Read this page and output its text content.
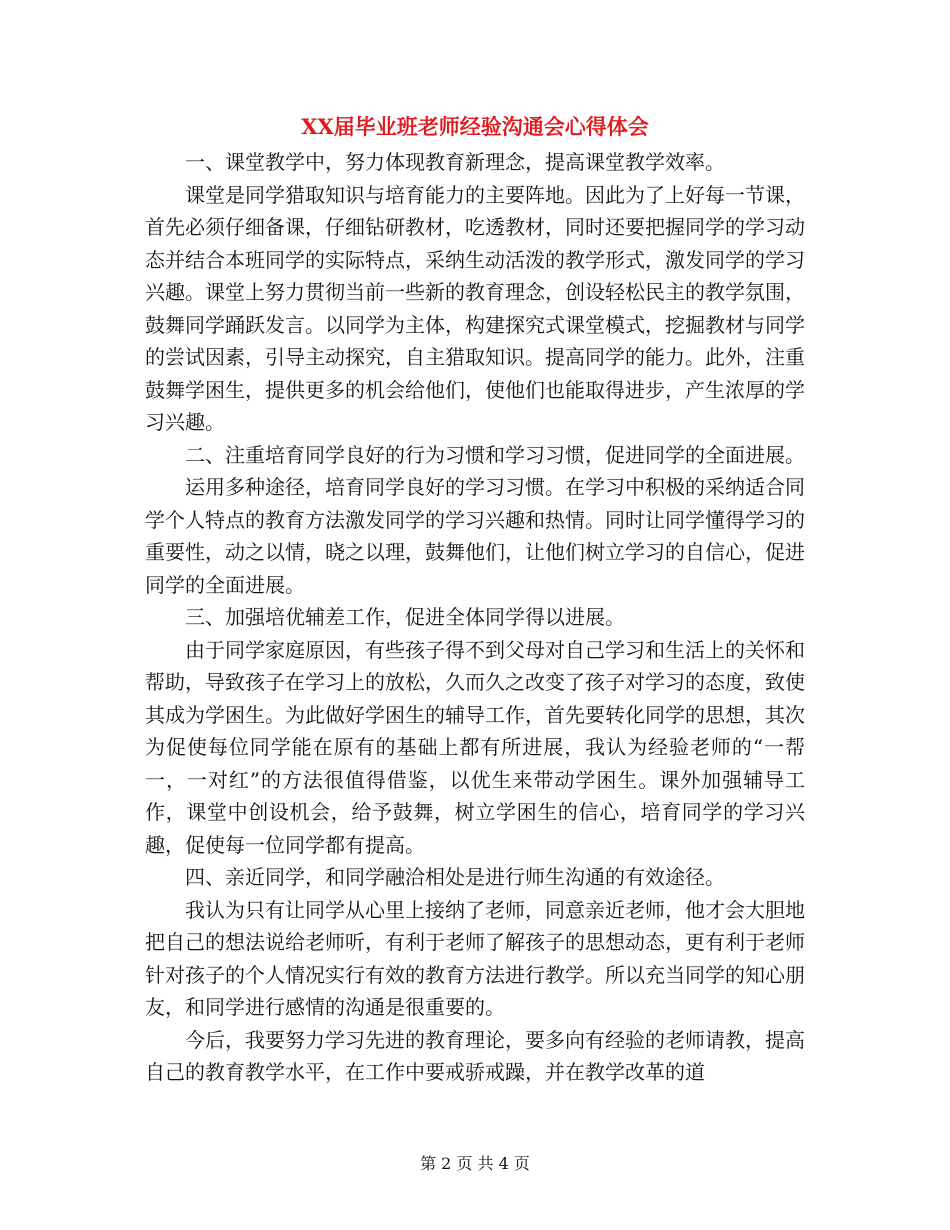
XX届毕业班老师经验沟通会心得体会

一、课堂教学中，努力体现教育新理念，提高课堂教学效率。

课堂是同学猎取知识与培育能力的主要阵地。因此为了上好每一节课，首先必须仔细备课，仔细钻研教材，吃透教材，同时还要把握同学的学习动态并结合本班同学的实际特点，采纳生动活泼的教学形式，激发同学的学习兴趣。课堂上努力贯彻当前一些新的教育理念，创设轻松民主的教学氛围，鼓舞同学踊跃发言。以同学为主体，构建探究式课堂模式，挖掘教材与同学的尝试因素，引导主动探究，自主猎取知识。提高同学的能力。此外，注重鼓舞学困生，提供更多的机会给他们，使他们也能取得进步，产生浓厚的学习兴趣。

二、注重培育同学良好的行为习惯和学习习惯，促进同学的全面进展。

运用多种途径，培育同学良好的学习习惯。在学习中积极的采纳适合同学个人特点的教育方法激发同学的学习兴趣和热情。同时让同学懂得学习的重要性，动之以情，晓之以理，鼓舞他们，让他们树立学习的自信心，促进同学的全面进展。

三、加强培优辅差工作，促进全体同学得以进展。

由于同学家庭原因，有些孩子得不到父母对自己学习和生活上的关怀和帮助，导致孩子在学习上的放松，久而久之改变了孩子对学习的态度，致使其成为学困生。为此做好学困生的辅导工作，首先要转化同学的思想，其次为促使每位同学能在原有的基础上都有所进展，我认为经验老师的“一帮一，一对红”的方法很值得借鉴，以优生来带动学困生。课外加强辅导工作，课堂中创设机会，给予鼓舞，树立学困生的信心，培育同学的学习兴趣，促使每一位同学都有提高。

四、亲近同学，和同学融洽相处是进行师生沟通的有效途径。

我认为只有让同学从心里上接纳了老师，同意亲近老师，他才会大胆地把自己的想法说给老师听，有利于老师了解孩子的思想动态，更有利于老师针对孩子的个人情况实行有效的教育方法进行教学。所以充当同学的知心朋友，和同学进行感情的沟通是很重要的。

今后，我要努力学习先进的教育理论，要多向有经验的老师请教，提高自己的教育教学水平，在工作中要戒骄戒躁，并在教学改革的道

第 2 页 共 4 页
